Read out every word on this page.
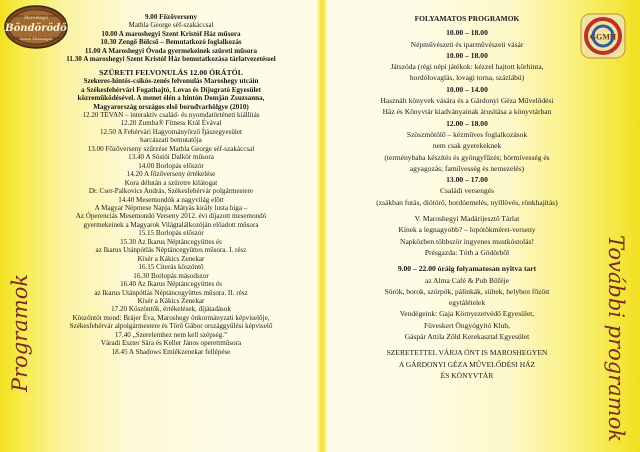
Maroshegyi
Böndörödő
Szüreti Mulatságok	GGMH
Programok	További programok
9.00 Főzőverseny
Mathla George séf-szakáccsal
10.00 A maroshegyi Szent Kristóf Ház műsora
10.30 Zengő Bölcső – Bemutatkozó foglalkozás
11.00 A Maroshegyi Óvoda gyermekeinek szüreti műsora
11.30 A maroshegyi Szent Kristóf Ház bemutatkozása tárlatvezetéssel
SZÜRETI FELVONULÁS 12.00 ÓRÁTÓL
Szekeres-hintós-csikós-zenés felvonulás Maroshegy utcáin
a Székesfehérvári Fogathajtó, Lovas és Díjugrató Egyesület
közreműködésével. A menet élén a hintón Domján Zsuzsanna,
Magyarország országos első boruđvarhölgye (2010)
12.20 TEVAN – interaktív család- és nyomdatörténeti kiállítás
12.20 Zumba® Fitness Král Évával
12.50 A Fehérvári Hagyományőrző Íjászegyesület
harcászati bemutatója
13.00 Főzőverseny szűrzése Mathla George séf-szakáccsal
13.40 A Sóstói Dalkör műsora
14.00 Borlopás előszór
14.20 A főzőverseny értékelése
Kora délután a szüretre kilátogat
Dr. Cser-Palkovics András, Székesfehérvár polgármestere
14.40 Mesemondók a nagyvilág előtt
A Magyar Népmese Napja. Mátyás király lusta higa –
Az Óperenciás Mesemondó Verseny 2012. évi díjazott mesemondó
gyermekeinek a Magyarok Világtalálkozóján előadott műsora
15.15 Borlopás előszór
15.30 Az Ikarus Néptáncegyüttes és
az Ikarus Utánpótlás Néptáncegyüttes műsora. I. rész
Kísér a Kákics Zenekar
16.15 Citerás köszöntő
16.30 Borlopás másodszor
16.40 Az Ikarus Néptáncegyüttes és
az Ikarus Utánpótlás Néptáncegyüttes műsora. II. rész
Kísér a Kákics Zenekar
17.20 Köszöntők, értékelések, díjátadások
Köszöntöt mond: Brájer Éva, Maroshegy önkormányzati képviselője,
Székesfehérvár alpolgármestere és Törő Gábor országgyűlési képviselő
17.40 „Szerelemhez nem kell szépség.”
Váradi Eszter Sára és Keller János operettműsora
18.45 A Shadows Emlékzenekar fellépése
FOLYAMATOS PROGRAMOK
10.00 – 18.00
Népművészeti és iparművészeti vásár
10.00 – 18.00
Játszóda (régi népi játékok: kézzel hajtott körhinta,
hordólovaglás, lovagi torna, százlábú)
10.00 – 14.00
Használt könyvek vására és a Gárdonyi Géza Művelődési
Ház és Könyvtár kiadványainak árusítása a könyvtárban
12.00 – 18.00
Szöszmötölő – kézműves foglalkozások
nem csak gyerekeknek
(terménybaba készítés és gyöngyfűzés; börmívesség és
agyagozás; faművesség és nemezelés)
13.00 – 17.00
Családi versengés
(zsákban futás, diótörő, hordóemelés, nyíllövés, rönkhajítás)
V. Maroshegyi Madárijesztő Tárlat
Kinek a legnagyobb? – lopótökméret-verseny
Napközben többször ingyenes mustkóstolás!
Présgazda: Tóth a Gödörből
9.00 – 22.00 óráig folyamatosan nyitva tart
az Alma Café & Pub Büféje
Sörök, borok, szörpök, pálinkák, sültek, helyben főzött
egytálételek
Vendégeink: Gaja Környezetvédő Egyesület,
Füveskert Öngyógyító Klub,
Gáspár Attila Zöld Kerekasztal Egyesület
SZERETETTEL VÁRJA ÖNT IS MAROSHEGYEN
A GÁRDONYI GÉZA MŰVELŐDÉSI HÁZ
ÉS KÖNYVTÁR
